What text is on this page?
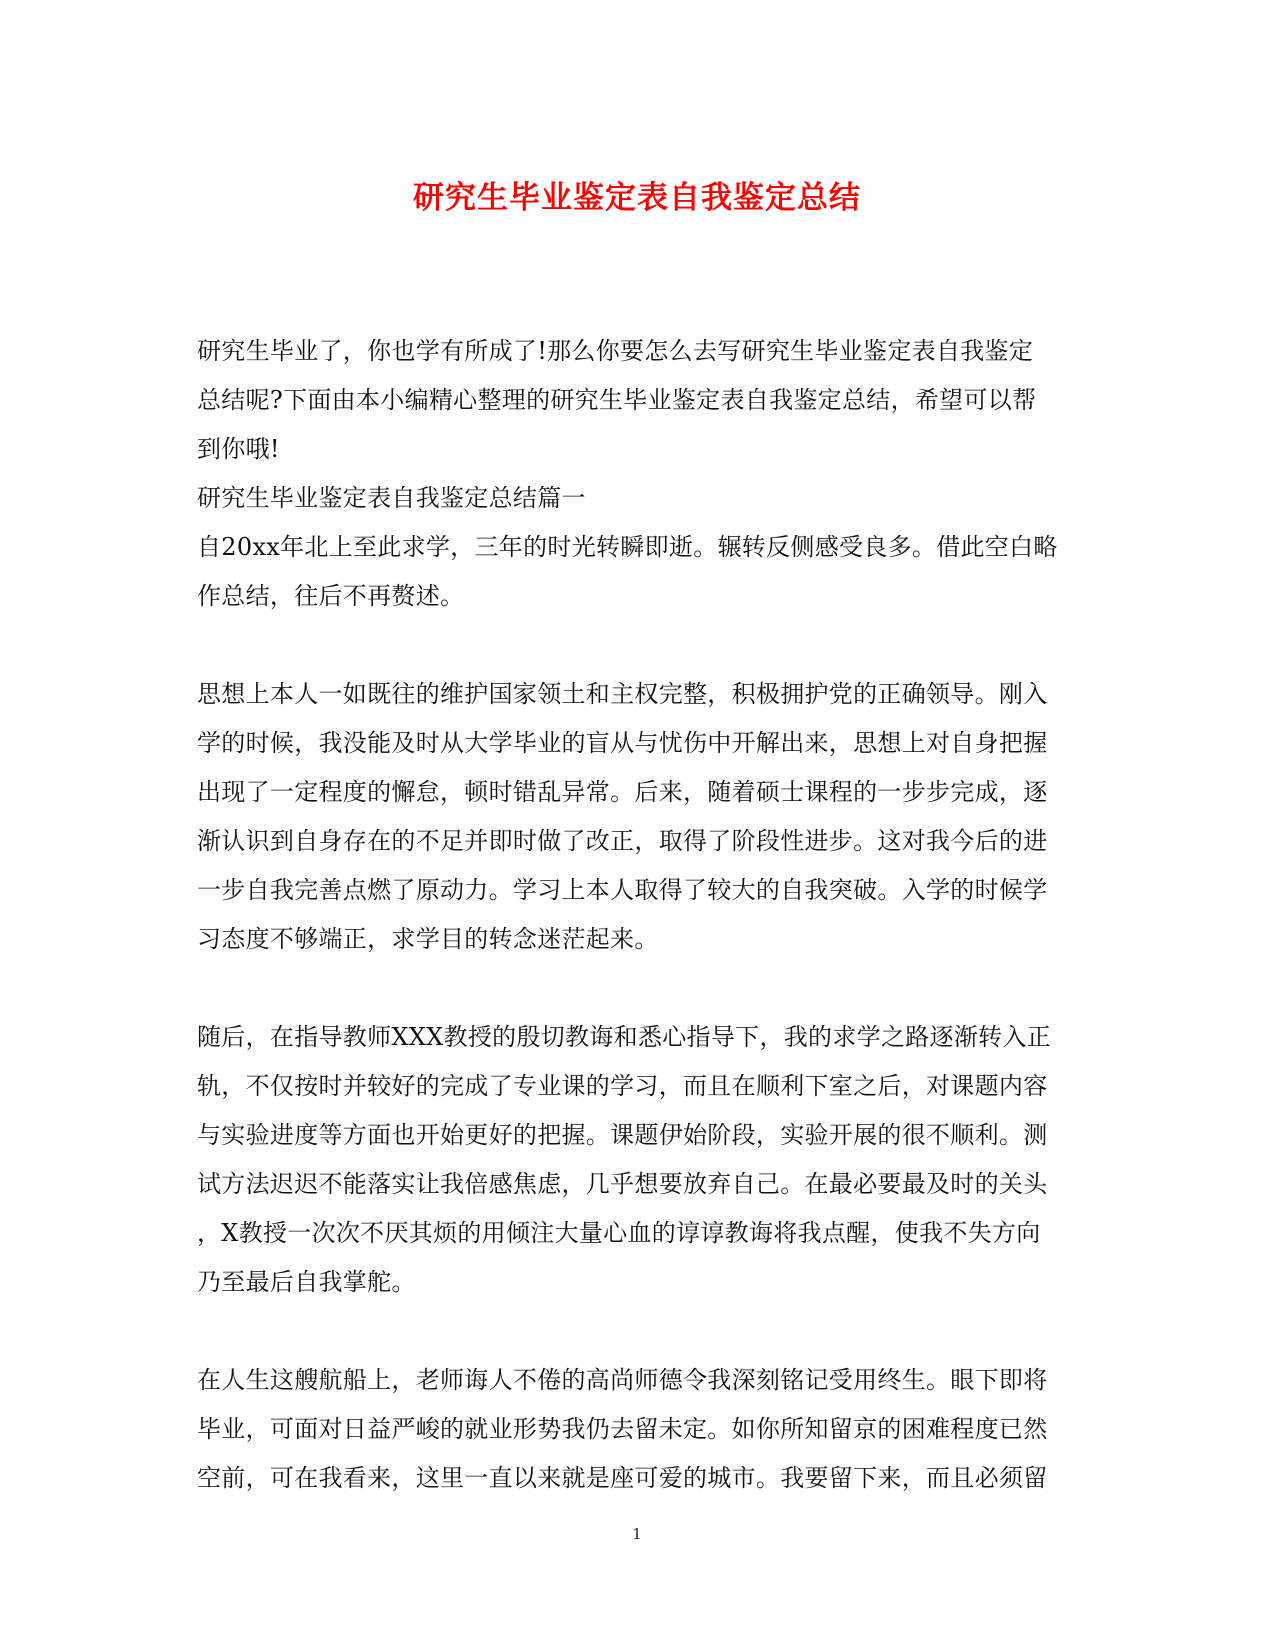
研究生毕业鉴定表自我鉴定总结
研究生毕业了，你也学有所成了!那么你要怎么去写研究生毕业鉴定表自我鉴定
总结呢?下面由本小编精心整理的研究生毕业鉴定表自我鉴定总结，希望可以帮
到你哦!
研究生毕业鉴定表自我鉴定总结篇一
自20xx年北上至此求学，三年的时光转瞬即逝。辗转反侧感受良多。借此空白略
作总结，往后不再赘述。
思想上本人一如既往的维护国家领土和主权完整，积极拥护党的正确领导。刚入
学的时候，我没能及时从大学毕业的盲从与忧伤中开解出来，思想上对自身把握
出现了一定程度的懈怠，顿时错乱异常。后来，随着硕士课程的一步步完成，逐
渐认识到自身存在的不足并即时做了改正，取得了阶段性进步。这对我今后的进
一步自我完善点燃了原动力。学习上本人取得了较大的自我突破。入学的时候学
习态度不够端正，求学目的转念迷茫起来。
随后，在指导教师XXX教授的殷切教诲和悉心指导下，我的求学之路逐渐转入正
轨，不仅按时并较好的完成了专业课的学习，而且在顺利下室之后，对课题内容
与实验进度等方面也开始更好的把握。课题伊始阶段，实验开展的很不顺利。测
试方法迟迟不能落实让我倍感焦虑，几乎想要放弃自己。在最必要最及时的关头
，X教授一次次不厌其烦的用倾注大量心血的谆谆教诲将我点醒，使我不失方向
乃至最后自我掌舵。
在人生这艘航船上，老师诲人不倦的高尚师德令我深刻铭记受用终生。眼下即将
毕业，可面对日益严峻的就业形势我仍去留未定。如你所知留京的困难程度已然
空前，可在我看来，这里一直以来就是座可爱的城市。我要留下来，而且必须留
1
